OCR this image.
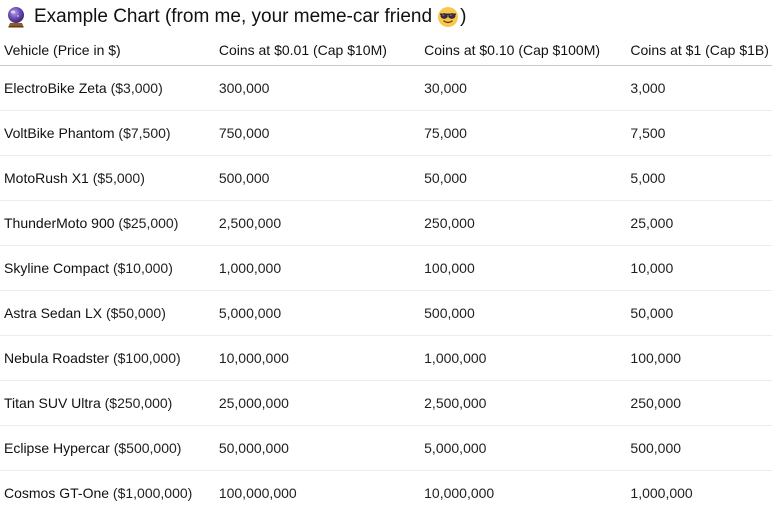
Example Chart (from me, your meme-car friend )
Vehicle (Price in $)	Coins at $0.01 (Cap $10M)	Coins at $0.10 (Cap $100M)	Coins at $1 (Cap $1B)
ElectroBike Zeta ($3,000)	300,000	30,000	3,000
VoltBike Phantom ($7,500)	750,000	75,000	7,500
MotoRush X1 ($5,000)	500,000	50,000	5,000
ThunderMoto 900 ($25,000)	2,500,000	250,000	25,000
Skyline Compact ($10,000)	1,000,000	100,000	10,000
Astra Sedan LX ($50,000)	5,000,000	500,000	50,000
Nebula Roadster ($100,000)	10,000,000	1,000,000	100,000
Titan SUV Ultra ($250,000)	25,000,000	2,500,000	250,000
Eclipse Hypercar ($500,000)	50,000,000	5,000,000	500,000
Cosmos GT-One ($1,000,000)	100,000,000	10,000,000	1,000,000
